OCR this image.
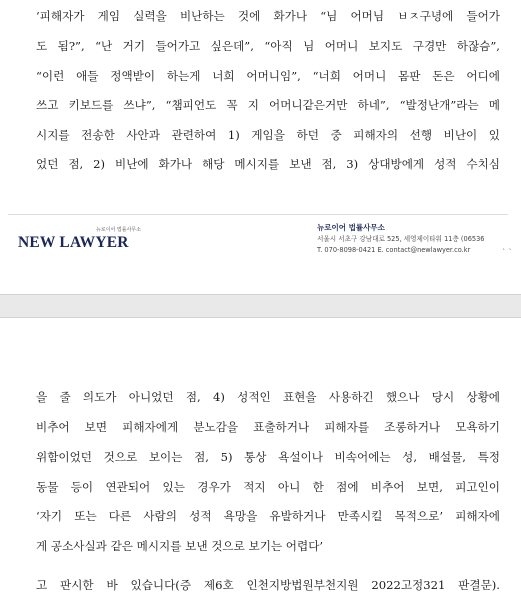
‘피해자가 게임 실력을 비난하는 것에 화가나 “님 어머님 ㅂㅈ구녕에 들어가
도 됨?”, “난 거기 들어가고 싶은데”, “아직 님 어머니 보지도 구경만 하잖슴”,
“이런 애들 정액받이 하는게 너희 어머니임”, “너희 어머니 몸판 돈은 어디에
쓰고 키보드를 쓰냐”, “챔피언도 꼭 지 어머니같은거만 하네”, “발정난개”라는 메
시지를 전송한 사안과 관련하여 1) 게임을 하던 중 피해자의 선행 비난이 있
었던 점, 2) 비난에 화가나 해당 메시지를 보낸 점, 3) 상대방에게 성적 수치심
뉴로이어 법률사무소
NEW LAWYER
뉴로이어 법률사무소
서울시 서초구 강남대로 525, 세영제이타워 11층 (06536
T. 070-8098-0421 E. contact@newlawyer.co.kr	` `
을 줄 의도가 아니었던 점, 4) 성적인 표현을 사용하긴 했으나 당시 상황에
비추어 보면 피해자에게 분노감을 표출하거나 피해자를 조롱하거나 모욕하기
위함이었던 것으로 보이는 점, 5) 통상 욕설이나 비속어에는 성, 배설물, 특정
동물 등이 연관되어 있는 경우가 적지 아니 한 점에 비추어 보면, 피고인이
‘자기 또는 다른 사람의 성적 욕망을 유발하거나 만족시킬 목적으로’ 피해자에
게 공소사실과 같은 메시지를 보낸 것으로 보기는 어렵다’
고 판시한 바 있습니다(증 제6호 인천지방법원부천지원 2022고정321 판결문).
